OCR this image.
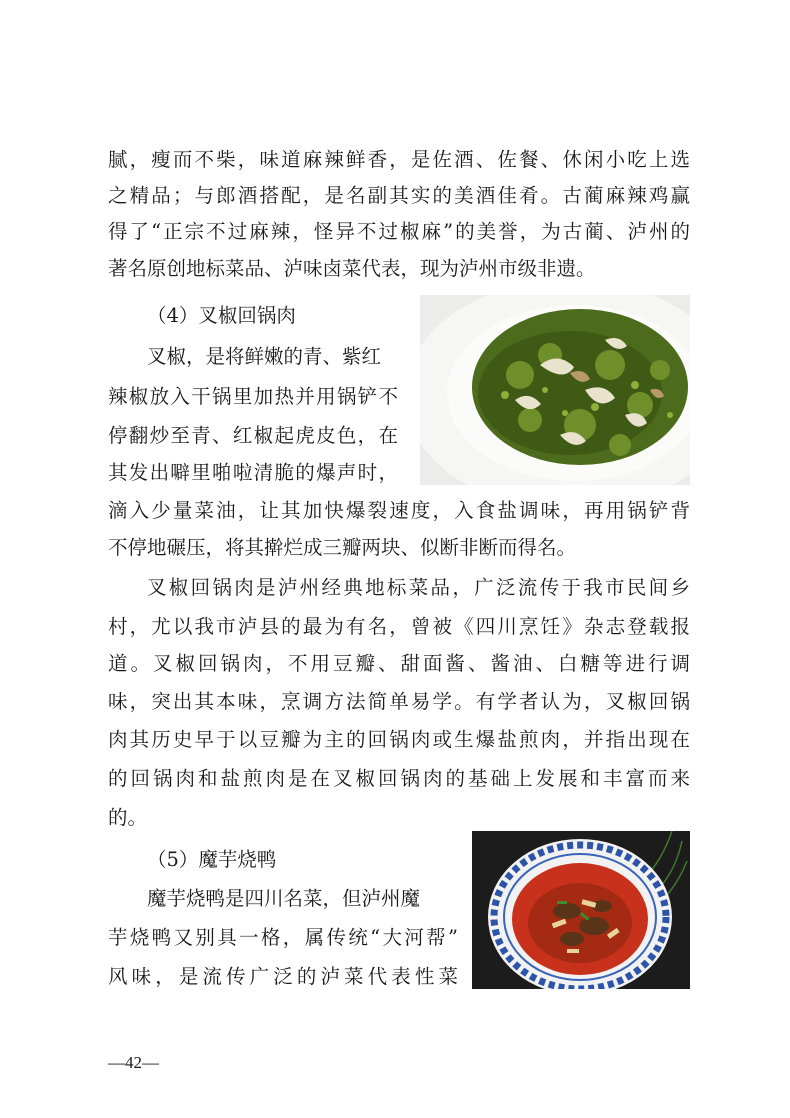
腻，瘦而不柴，味道麻辣鲜香，是佐酒、佐餐、休闲小吃上选
之精品；与郎酒搭配，是名副其实的美酒佳肴。古蔺麻辣鸡赢
得了“正宗不过麻辣，怪异不过椒麻”的美誉，为古蔺、泸州的
著名原创地标菜品、泸味卤菜代表，现为泸州市级非遗。
（4）叉椒回锅肉
叉椒，是将鲜嫩的青、紫红
辣椒放入干锅里加热并用锅铲不
停翻炒至青、红椒起虎皮色，在
其发出噼里啪啦清脆的爆声时，
滴入少量菜油，让其加快爆裂速度，入食盐调味，再用锅铲背
不停地碾压，将其擀烂成三瓣两块、似断非断而得名。
叉椒回锅肉是泸州经典地标菜品，广泛流传于我市民间乡
村，尤以我市泸县的最为有名，曾被《四川烹饪》杂志登载报
道。叉椒回锅肉，不用豆瓣、甜面酱、酱油、白糖等进行调
味，突出其本味，烹调方法简单易学。有学者认为，叉椒回锅
肉其历史早于以豆瓣为主的回锅肉或生爆盐煎肉，并指出现在
的回锅肉和盐煎肉是在叉椒回锅肉的基础上发展和丰富而来
的。
（5）魔芋烧鸭
魔芋烧鸭是四川名菜，但泸州魔
芋烧鸭又别具一格，属传统“大河帮”
风味，是流传广泛的泸菜代表性菜
—42—
